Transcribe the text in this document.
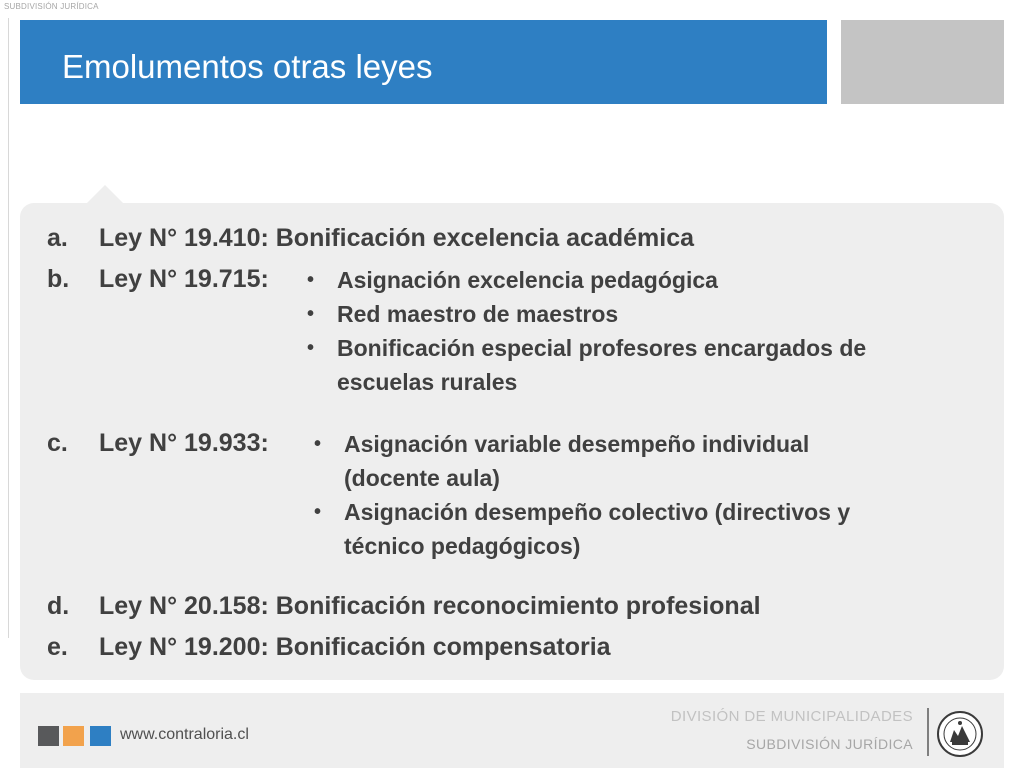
SUBDIVISIÓN JURÍDICA
Emolumentos otras leyes
a. Ley N° 19.410: Bonificación excelencia académica
b. Ley N° 19.715: • Asignación excelencia pedagógica
• Red maestro de maestros
• Bonificación especial profesores encargados de escuelas rurales
c. Ley N° 19.933: • Asignación variable desempeño individual (docente aula)
• Asignación desempeño colectivo (directivos y técnico pedagógicos)
d. Ley N° 20.158: Bonificación reconocimiento profesional
e. Ley N° 19.200: Bonificación compensatoria
www.contraloria.cl
DIVISIÓN DE MUNICIPALIDADES
SUBDIVISIÓN JURÍDICA
